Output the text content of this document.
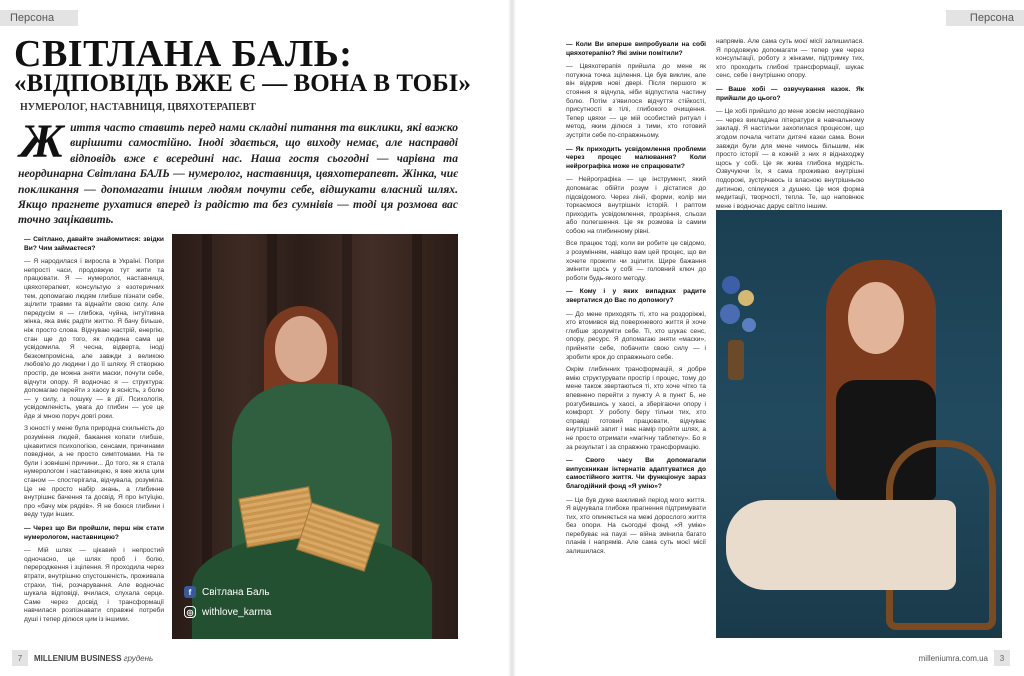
Персона
СВІТЛАНА БАЛЬ:
«ВІДПОВІДЬ ВЖЕ Є — ВОНА В ТОБІ»
НУМЕРОЛОГ, НАСТАВНИЦЯ, ЦВЯХОТЕРАПЕВТ
Ж иття часто ставить перед нами складні питання та виклики, які важко вирішити самостійно. Іноді здається, що виходу немає, але насправді відповідь вже є всередині нас. Наша гостя сьогодні — чарівна та неординарна Світлана БАЛЬ — нумеролог, наставниця, цвяхотерапевт. Жінка, чиє покликання — допомагати іншим людям почути себе, відшукати власний шлях. Якщо прагнете рухатися вперед із радістю та без сумнівів — тоді ця розмова вас точно зацікавить.
— Світлано, давайте знайомитися: звідки Ви? Чим займаєтеся?
— Я народилася і виросла в Україні. Попри непрості часи, продовжую тут жити та працювати. Я — нумеролог, наставниця, цвяхотерапевт, консультую з езотеричних тем, допомагаю людям глибше пізнати себе, зцілити травми та віднайти свою силу. Але передусім я — глибока, чуйна, інтуїтивна жінка, яка вміє радіти життю. Я бачу більше, ніж просто слова. Відчуваю настрій, енергію, стан ще до того, як людина сама це усвідомила. Я чесна, відверта, іноді безкомпромісна, але завжди з великою любов'ю до людини і до її шляху. Я створюю простір, де можна зняти маски, почути себе, відчути опору. Я водночас я — структура: допомагаю перейти з хаосу в ясність, з болю — у силу, з пошуку — в дії. Психологія, усвідомленість, увага до глибин — усе це йде зі мною поруч довгі роки.
З юності у мене була природна схильність до розуміння людей, бажання копати глибше, цікавитися психологією, сенсами, причинами поведінки, а не просто симптомами. На те були і зовнішні причини... До того, як я стала нумерологом і наставницею, я вже жила цим станом — спостерігала, відчувала, розуміла. Це не просто набір знань, а глибинне внутрішнє бачення та досвід. Я про інтуїцію, про «бачу між рядків». Я не боюся глибини і веду туди інших.
— Через що Ви пройшли, перш ніж стати нумерологом, наставницею?
— Мій шлях — цікавий і непростий одночасно, це шлях проб і болю, переродження і зцілення. Я проходила через втрати, внутрішню спустошеність, проживала страхи, тіні, розчарування. Але водночас шукала відповіді, вчилася, слухала серце. Саме через досвід і трансформації навчилася розпізнавати справжні потреби душі і тепер ділюся цим із іншими.
f	Світлана Баль
◎ withlove_karma
7	MILLENIUM BUSINESS грудень
Персона
— Коли Ви вперше випробували на собі цвяхотерапію? Які зміни помітили?
— Цвяхотерапія прийшла до мене як потужна точка зцілення. Це був виклик, але він відкрив нові двері. Після першого ж стояння я відчула, ніби відпустила частину болю. Потім з'явилося відчуття стійкості, присутності в тілі, глибокого очищення. Тепер цвяхи — це мій особистий ритуал і метод, яким ділюся з тими, хто готовий зустріти себе по-справжньому.
— Як приходить усвідомлення проблеми через процес малювання? Коли нейрографіка може не спрацювати?
— Нейрографіка — це інструмент, який допомагає обійти розум і дістатися до підсвідомого. Через лінії, форми, колір ми торкаємося внутрішніх історій. І раптом приходить усвідомлення, прозріння, сльози або полегшення. Це як розмова із самим собою на глибинному рівні.
Все працює тоді, коли ви робите це свідомо, з розумінням, навіщо вам цей процес, що ви хочете прожити чи зцілити. Щире бажання змінити щось у собі — головний ключ до роботи будь-якого методу.
— Кому і у яких випадках радите звертатися до Вас по допомогу?
— До мене приходять ті, хто на роздоріжжі, хто втомився від поверхневого життя й хоче глибше зрозуміти себе. Ті, хто шукає сенс, опору, ресурс. Я допомагаю зняти «маски», прийняти себе, побачити свою силу — і зробити крок до справжнього себе.
Окрім глибинних трансформацій, я добре вмію структурувати простір і процес, тому до мене також звертаються ті, хто хоче чітко та впевнено перейти з пункту А в пункт Б, не розгубившись у хаосі, а зберігаючи опору і комфорт. У роботу беру тільки тих, хто справді готовий працювати, відчуває внутрішній запит і має намір пройти шлях, а не просто отримати «магічну таблетку». Бо я за результат і за справжню трансформацію.
— Свого часу Ви допомагали випускникам інтернатів адаптуватися до самостійного життя. Чи функціонує зараз благодійний фонд «Я умію»?
— Це був дуже важливий період мого життя. Я відчувала глибоке прагнення підтримувати тих, хто опиняється на межі дорослого життя без опори. На сьогодні фонд «Я умію» перебуває на паузі — війна змінила багато планів і напрямів. Але сама суть моєї місії залишилася.
напрямів. Але сама суть моєї місії залишилася. Я продовжую допомагати — тепер уже через консультації, роботу з жінками, підтримку тих, хто проходить глибокі трансформації, шукає сенс, себе і внутрішню опору.
— Ваше хобі — озвучування казок. Як прийшли до цього?
— Це хобі прийшло до мене зовсім несподівано — через викладача літератури в навчальному закладі. Я настільки захопилася процесом, що згодом почала читати дитячі казки сама. Вони завжди були для мене чимось більшим, ніж просто історії — в кожній з них я віднаходжу щось у собі. Це як жива глибока мудрість. Озвучуючи їх, я сама проживаю внутрішні подорожі, зустрічаюсь із власною внутрішньою дитиною, спілкуюся з душею. Це моя форма медитації, творчості, тепла. Те, що наповнює мене і водночас дарує світло іншим.
milleniumra.com.ua	3
